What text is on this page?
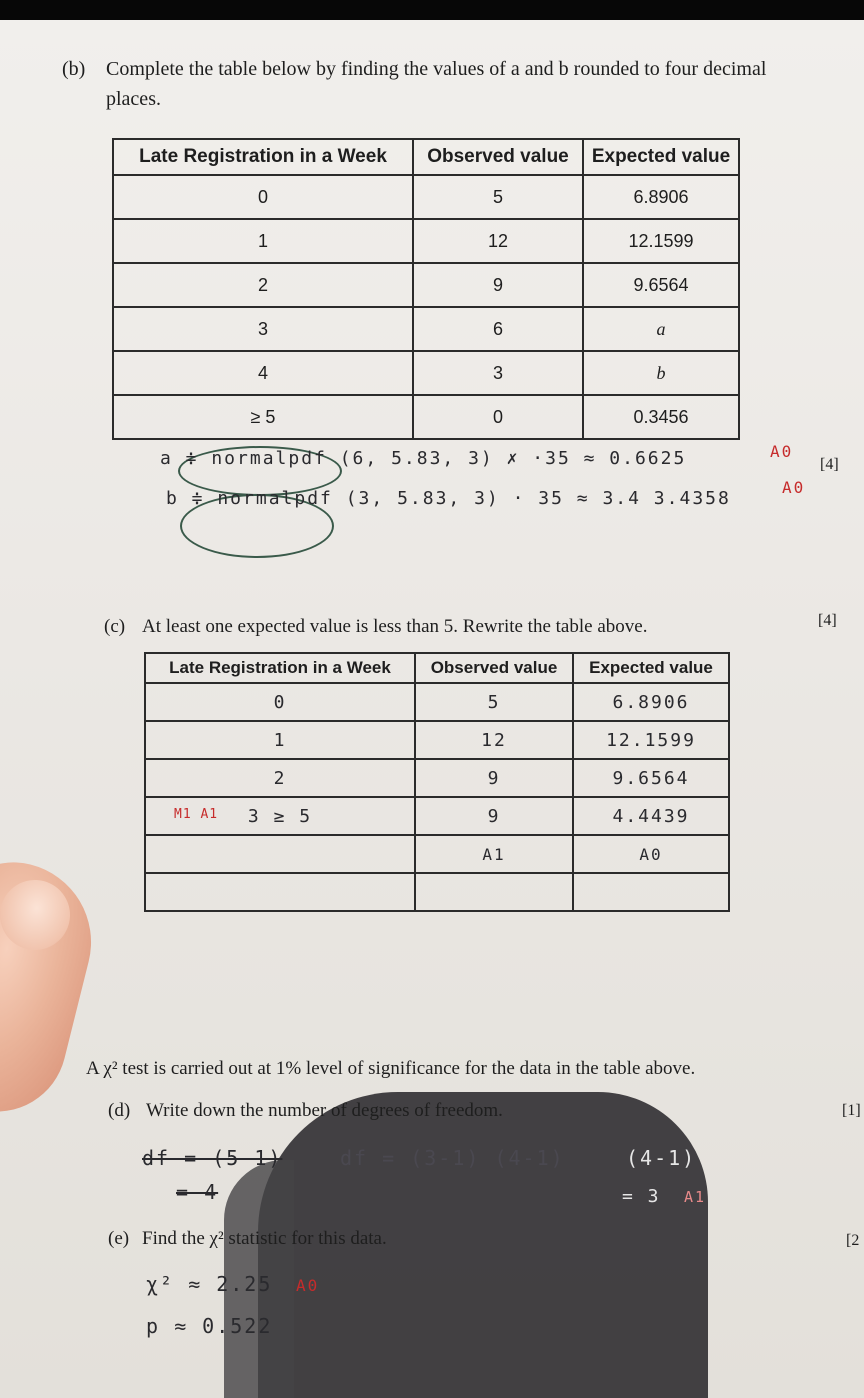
(b) Complete the table below by finding the values of a and b rounded to four decimal
places.
Late Registration in a Week	Observed value	Expected value
0	5	6.8906
1	12	12.1599
2	9	9.6564
3	6	a
4	3	b
≥ 5	0	0.3456
a ≑ normalpdf (6, 5.83, 3) ✗ ·35 ≈ 0.6625	A0
[4]
b ≑ normalpdf (3, 5.83, 3) · 35 ≈ 3.4 3.4358
A0
(c) At least one expected value is less than 5. Rewrite the table above.	[4]
Late Registration in a Week	Observed value	Expected value
0	5	6.8906
1	12	12.1599
2	9	9.6564

M1 A1 3 ≥ 5	9	4.4439
	A1	A0

A χ² test is carried out at 1% level of significance for the data in the table above.
(d) Write down the number of degrees of freedom.	[1]
df = (5-1)
= 4
df = (3-1) (4-1)	(4-1)
= 3 A1
(e) Find the χ² statistic for this data.	[2
χ² ≈ 2.25 A0
p ≈ 0.522
